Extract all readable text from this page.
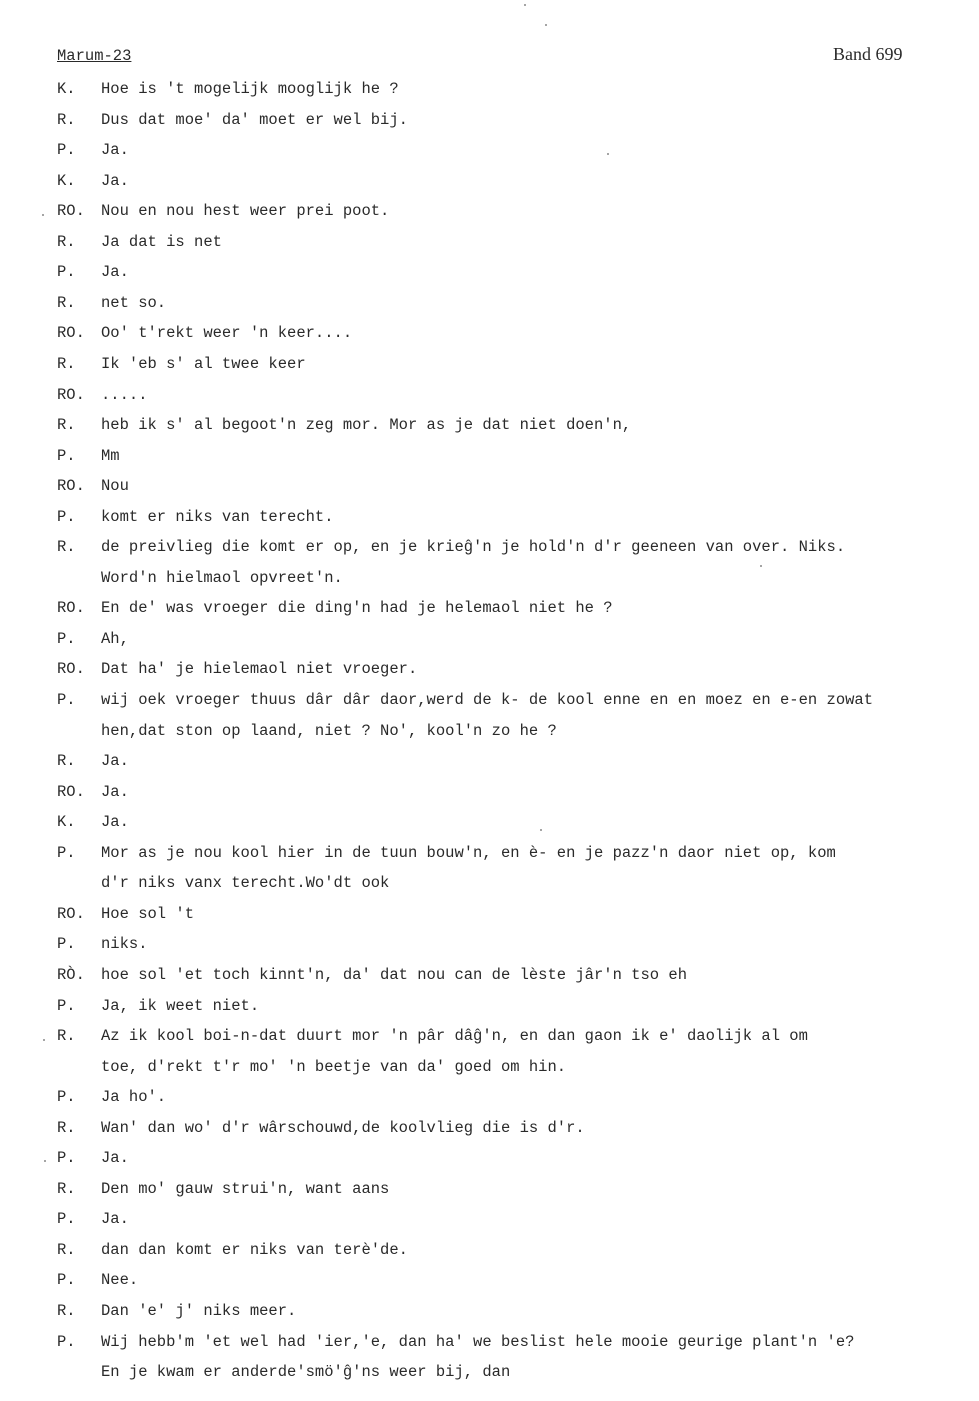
Marum-23	Band 699
K. Hoe is 't mogelijk mooglijk he ?
R. Dus dat moe' da' moet er wel bij.
P. Ja.
K. Ja.
RO. Nou en nou hest weer prei poot.
R. Ja dat is net
P. Ja.
R. net so.
RO. Oo' t'rekt weer 'n keer....
R. Ik 'eb s' al twee keer
RO. .....
R. heb ik s' al begoot'n zeg mor. Mor as je dat niet doen'n,
P. Mm
RO. Nou
P. komt er niks van terecht.
R. de preivlieg die komt er op, en je krieĝ'n je hold'n d'r geeneen van over. Niks.
Word'n hielmaol opvreet'n.
RO. En de' was vroeger die ding'n had je helemaol niet he ?
P. Ah,
RO. Dat ha' je hielemaol niet vroeger.
P. wij oek vroeger thuus dâr dâr daor,werd de k- de kool enne en en moez en e-en zowat
hen,dat ston op laand, niet ? No', kool'n zo he ?
R. Ja.
RO. Ja.
K. Ja.
P. Mor as je nou kool hier in de tuun bouw'n, en è- en je pazz'n daor niet op, kom
d'r niks vanx terecht.Wo'dt ook
RO. Hoe sol 't
P. niks.
RÒ. hoe sol 'et toch kinnt'n, da' dat nou can de lèste jâr'n tso eh
P. Ja, ik weet niet.
R. Az ik kool boi-n-dat duurt mor 'n pâr dâĝ'n, en dan gaon ik e' daolijk al om
toe, d'rekt t'r mo' 'n beetje van da' goed om hin.
P. Ja ho'.
R. Wan' dan wo' d'r wârschouwd,de koolvlieg die is d'r.
P. Ja.
R. Den mo' gauw strui'n, want aans
P. Ja.
R. dan dan komt er niks van terè'de.
P. Nee.
R. Dan 'e' j' niks meer.
P. Wij hebb'm 'et wel had 'ier,'e, dan ha' we beslist hele mooie geurige plant'n 'e?
En je kwam er anderde'smö'ĝ'ns weer bij, dan
